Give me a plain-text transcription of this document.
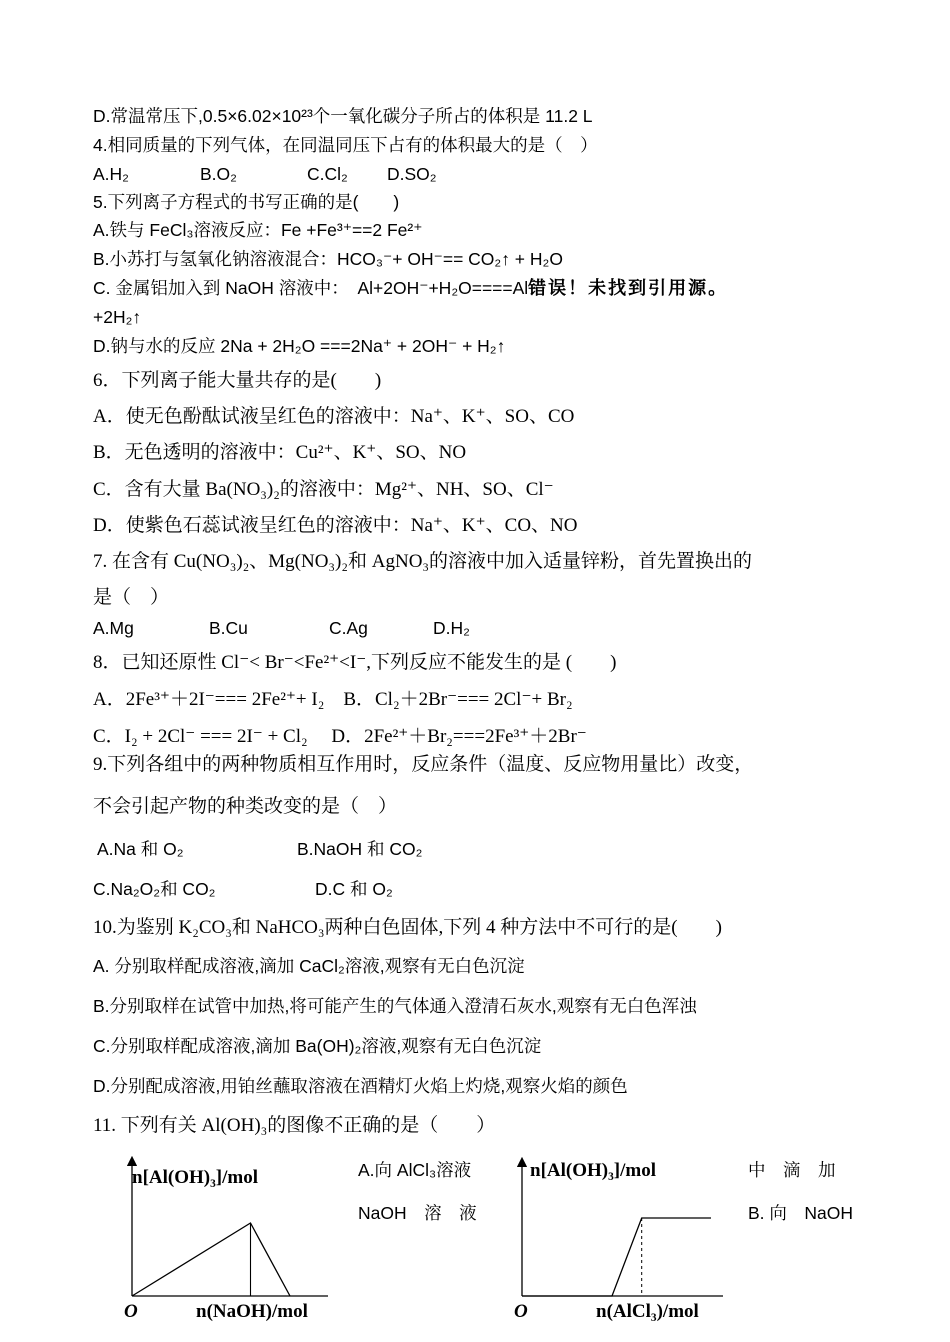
D.常温常压下,0.5×6.02×10²³个一氧化碳分子所占的体积是 11.2 L
4.相同质量的下列气体，在同温同压下占有的体积最大的是（　）
A.H₂	B.O₂	C.Cl₂ D.SO₂
5.下列离子方程式的书写正确的是(　　)
A.铁与 FeCl₃溶液反应：Fe +Fe³⁺==2 Fe²⁺
B.小苏打与氢氧化钠溶液混合：HCO₃⁻+ OH⁻== CO₂↑ + H₂O
C. 金属铝加入到 NaOH 溶液中：　Al+2OH⁻+H₂O====Al错误！未找到引用源。
+2H₂↑
D.钠与水的反应 2Na + 2H₂O ===2Na⁺ + 2OH⁻ + H₂↑
6．下列离子能大量共存的是(　　)
A．使无色酚酞试液呈红色的溶液中：Na⁺、K⁺、SO、CO
B．无色透明的溶液中：Cu²⁺、K⁺、SO、NO
C．含有大量 Ba(NO₃)₂的溶液中：Mg²⁺、NH、SO、Cl⁻
D．使紫色石蕊试液呈红色的溶液中：Na⁺、K⁺、CO、NO
7. 在含有 Cu(NO₃)₂、Mg(NO₃)₂和 AgNO₃的溶液中加入适量锌粉，首先置换出的
是（　）
A.Mg	B.Cu	C.Ag	D.H₂
8．已知还原性 Cl⁻< Br⁻<Fe²⁺<I⁻,下列反应不能发生的是 (　　)
A．2Fe³⁺＋2I⁻=== 2Fe²⁺+ I₂　B．Cl₂＋2Br⁻=== 2Cl⁻+ Br₂
C．I₂ + 2Cl⁻ === 2I⁻ + Cl₂　 D．2Fe²⁺＋Br₂===2Fe³⁺＋2Br⁻
9.下列各组中的两种物质相互作用时，反应条件（温度、反应物用量比）改变，
不会引起产物的种类改变的是（　）
A.Na 和 O₂	B.NaOH 和 CO₂
C.Na₂O₂和 CO₂	D.C 和 O₂
10.为鉴别 K₂CO₃和 NaHCO₃两种白色固体,下列 4 种方法中不可行的是(　　)
A. 分别取样配成溶液,滴加 CaCl₂溶液,观察有无白色沉淀
B.分别取样在试管中加热,将可能产生的气体通入澄清石灰水,观察有无白色浑浊
C.分别取样配成溶液,滴加 Ba(OH)₂溶液,观察有无白色沉淀
D.分别配成溶液,用铂丝蘸取溶液在酒精灯火焰上灼烧,观察火焰的颜色
11. 下列有关 Al(OH)₃的图像不正确的是（　　）
n[Al(OH)₃]/mol
O	n(NaOH)/mol
A.向 AlCl₃溶液
NaOH　溶　液
n[Al(OH)₃]/mol
O	n(AlCl₃)/mol
中　滴　加
B. 向　NaOH
